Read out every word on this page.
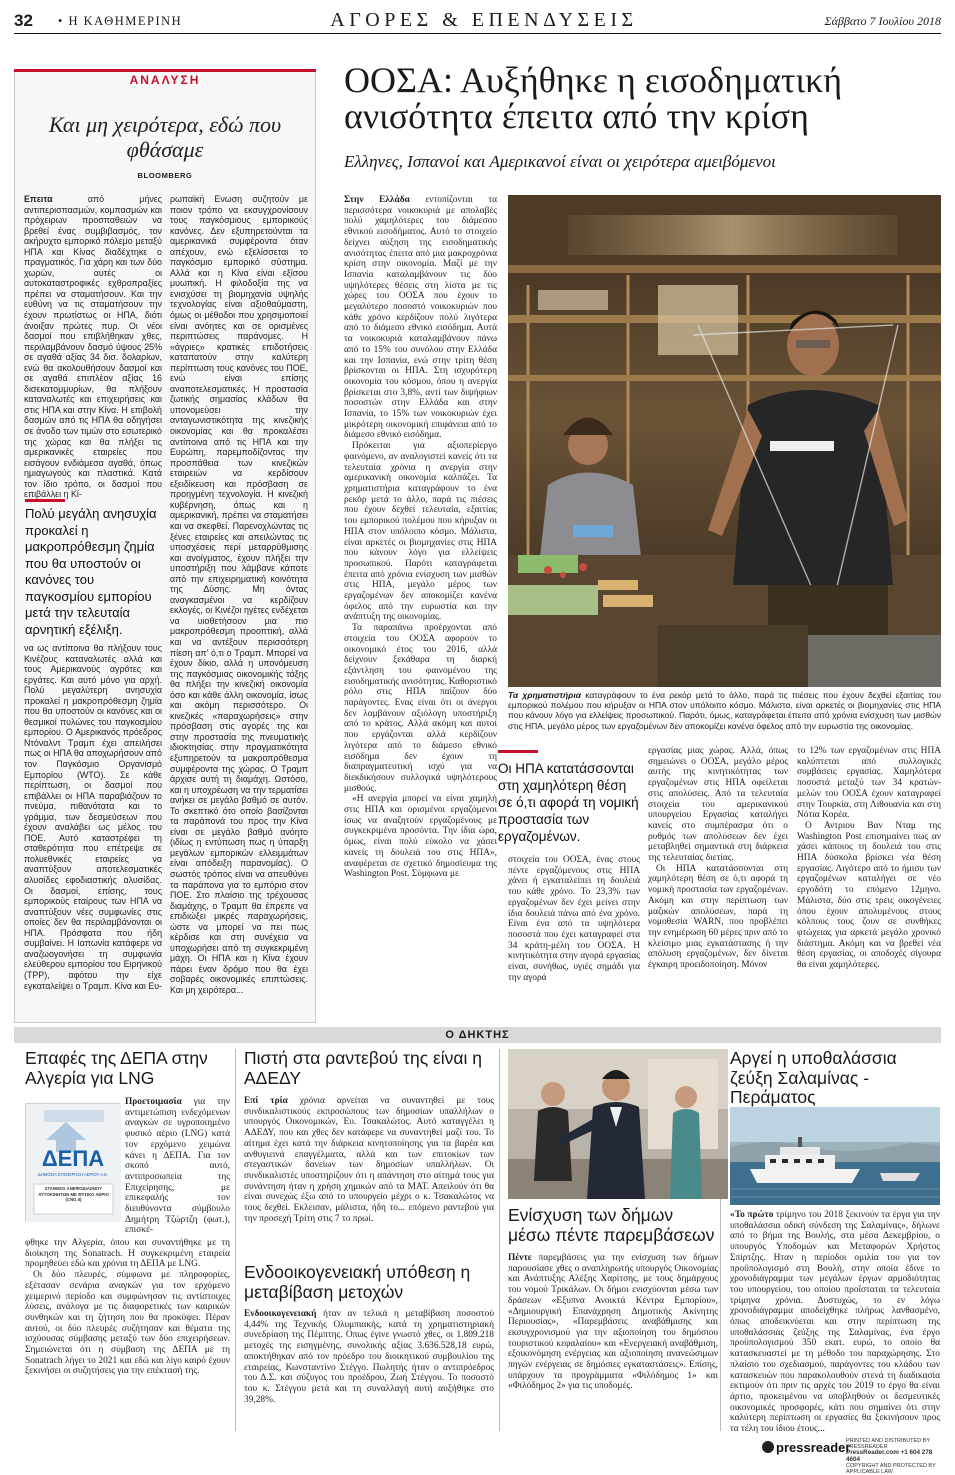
32 • Η ΚΑΘΗΜΕΡΙΝΗ	ΑΓΟΡΕΣ & ΕΠΕΝΔΥΣΕΙΣ	Σάββατο 7 Ιουλίου 2018
ΑΝΑΛΥΣΗ
Και μη χειρότερα, εδώ που φθάσαμε
BLOOMBERG

Επειτα από μήνες αντιπερισπασμών, κομπασμών και πρόχειρων προσπαθειών να βρεθεί ένας συμβιβασμός, τον ακήρυχτο εμπορικό πόλεμο μεταξύ ΗΠΑ και Κίνας διαδέχτηκε ο πραγματικός. Για χάρη και των δύο χωρών, αυτές οι αυτοκαταστροφικές εχθροπραξίες πρέπει να σταματήσουν. Και την ευθύνη να τις σταματήσουν την έχουν πρωτίστως οι ΗΠΑ, διότι άνοιξαν πρώτες πυρ. Οι νέοι δασμοί που επιβλήθηκαν χθες, περιλαμβάνουν δασμό ύψους 25% σε αγαθά αξίας 34 δισ. δολαρίων, ενώ θα ακολουθήσουν δασμοί και σε αγαθά επιπλέον αξίας 16 δισεκατομμυρίων, θα πλήξουν καταναλωτές και επιχειρήσεις και στις ΗΠΑ και στην Κίνα. Η επιβολή δασμών από τις ΗΠΑ θα οδηγήσει σε άνοδο των τιμών στο εσωτερικό της χώρας και θα πλήξει τις αμερικανικές εταιρείες που εισάγουν ενδιάμεσα αγαθά, όπως ημιαγωγούς και πλαστικά. Κατά τον ίδιο τρόπο, οι δασμοί που επιβάλλει η Κί-

Πολύ μεγάλη ανησυχία προκαλεί η μακροπρόθεσμη ζημία που θα υποστούν οι κανόνες του παγκοσμίου εμπορίου μετά την τελευταία αρνητική εξέλιξη.

να ως αντίποινα θα πλήξουν τους Κινέζους καταναλωτές αλλά και τους Αμερικανούς αγρότες και εργάτες. Και αυτό μόνο για αρχή. Πολύ μεγαλύτερη ανησυχία προκαλεί η μακροπρόθεσμη ζημία που θα υποστούν οι κανόνες και οι θεσμικοί πυλώνες του παγκοσμίου εμπορίου. Ο Αμερικανός πρόεδρος Ντόναλντ Τραμπ έχει απειλήσει πως οι ΗΠΑ θα αποχωρήσουν από τον Παγκόσμιο Οργανισμό Εμπορίου (WTO). Σε κάθε περίπτωση, οι δασμοί που επιβάλλει οι ΗΠΑ παραβιάζουν το πνεύμα, πιθανότατα και το γράμμα, των δεσμεύσεων που έχουν αναλάβει ως μέλος του ΠΟΕ. Αυτό καταστρέφει τη σταθερότητα που επέτρεψε σε πολυεθνικές εταιρείες να αναπτύξουν αποτελεσματικές αλυσίδες εφοδιαστικής αλυσίδας. Οι δασμοί, επίσης, τους εμπορικούς εταίρους των ΗΠΑ να αναπτύξουν νέες συμφωνίες στις οποίες δεν θα περιλαμβάνονται οι ΗΠΑ. Πρόσφατα που ήδη συμβαίνει. Η Ιαπωνία κατάφερε να αναζωογονήσει τη συμφωνία ελεύθερου εμπορίου του Ειρηνικού (TPP), αφότου την είχε εγκαταλείψει ο Τραμπ. Κίνα και Ευ-

ρωπαϊκή Ενωση συζητούν με ποιον τρόπο να εκσυγχρονίσουν τους παγκόσμιους εμπορικούς κανόνες. Δεν εξυπηρετούνται τα αμερικανικά συμφέροντα όταν απέχουν, ενώ εξελίσσεται το παγκόσμιο εμπορικό σύστημα. Αλλά και η Κίνα είναι εξίσου μυωπική. Η φιλοδοξία της να ενισχύσει τη βιομηχανία υψηλής τεχνολογίας είναι αξιοθαύμαστη, όμως οι μέθοδοι που χρησιμοποιεί είναι ανόητες και σε ορισμένες περιπτώσεις παράνομες. Η «άγριες» κρατικές επιδοτήσεις καταπατούν στην καλύτερη περίπτωση τους κανόνες του ΠΟΕ, ενώ είναι επίσης αναποτελεσματικές. Η προστασία ζωτικής σημασίας κλάδων θα υπονομεύσει την ανταγωνιστικότητα της κινεζικής οικονομίας και θα προκαλέσει αντίποινα από τις ΗΠΑ και την Ευρώπη, παρεμποδίζοντας την προσπάθεια των κινεζικών εταιρειών να κερδίσουν εξειδίκευση και πρόσβαση σε προηγμένη τεχνολογία. Η κινεζική κυβέρνηση, όπως και η αμερικανική, πρέπει να σταματήσει και να σκεφθεί. Παρενοχλώντας τις ξένες εταιρείες και απειλώντας τις υποσχέσεις περί μεταρρύθμισης και ανοίγματος, έχουν πλήξει την υποστήριξη που λάμβανε κάποτε από την επιχειρηματική κοινότητα της Δύσης. Μη όντας αναγκασμένοι να κερδίζουν εκλογές, οι Κινέζοι ηγέτες ενδέχεται να υιοθετήσουν μια πιο μακροπρόθεσμη προοπτική, αλλά και να αντέξουν περισσότερη πίεση απ' ό,τι ο Τραμπ. Μπορεί να έχουν δίκιο, αλλά η υπονόμευση της παγκόσμιας οικονομικής τάξης θα πλήξει την κινεζική οικονομία όσο και κάθε άλλη οικονομία, ίσως και ακόμη περισσότερο. Οι κινεζικές «παραχωρήσεις» στην πρόσβαση στις αγορές της και στην προστασία της πνευματικής ιδιοκτησίας στην πραγματικότητα εξυπηρετούν τα μακροπρόθεσμα συμφέροντα της χώρας. Ο Τραμπ άρχισε αυτή τη διαμάχη. Ωστόσο, και η υποχρέωση να την τερματίσει ανήκει σε μεγάλο βαθμό σε αυτόν. Το σκεπτικό ότο οποίο βασίζονται τα παράπονά του προς την Κίνα είναι σε μεγάλο βαθμό ανόητο (ιδίως η εντύπωση πως η ύπαρξη μεγάλων εμπορικών ελλειμμάτων είναι απόδειξη παρανομίας). Ο σωστός τρόπος είναι να απευθύνει τα παράπονα για το εμπόριο στον ΠΟΕ. Στο πλαίσιο της τρέχουσας διαμάχης, ο Τραμπ θα έπρεπε να επιδιώξει μικρές παραχωρήσεις, ώστε να μπορεί να πει πως κέρδισε και στη συνέχεια να υποχωρήσει από τη συγκεκριμένη μάχη. Οι ΗΠΑ και η Κίνα έχουν πάρει έναν δρόμο που θα έχει σοβαρές οικονομικές επιπτώσεις. Και μη χειρότερα...

ΟΟΣΑ: Αυξήθηκε η εισοδηματική ανισότητα έπειτα από την κρίση
Ελληνες, Ισπανοί και Αμερικανοί είναι οι χειρότερα αμειβόμενοι

Στην Ελλάδα εντοπίζονται τα περισσότερα νοικοκυριά με απολαβές πολύ χαμηλότερες του διάμεσου εθνικού εισοδήματος. Αυτό το στοιχείο δείχνει αύξηση της εισοδηματικής ανισότητας έπειτα από μια μακροχρόνια κρίση στην οικονομία. Μαζί με την Ισπανία καταλαμβάνουν τις δύο υψηλότερες θέσεις στη λίστα με τις χώρες του ΟΟΣΑ που έχουν το μεγαλύτερο ποσοστό νοικοκυριών που κάθε χρόνο κερδίζουν πολύ λιγότερα από το διάμεσο εθνικό εισόδημα. Αυτά τα νοικοκυριά καταλαμβάνουν πάνω από το 15% του συνόλου στην Ελλάδα και την Ισπανία, ενώ στην τρίτη θέση βρίσκονται οι ΗΠΑ. Στη ισχυρότερη οικονομία του κόσμου, όπου η ανεργία βρίσκεται στο 3,8%, αντί των διψήφιων ποσοστών στην Ελλάδα και στην Ισπανία, το 15% των νοικοκυριών έχει μικρότερη οικονομική επιφάνεια από το διάμεσο εθνικό εισόδημα.

Πρόκειται για αξιοπερίεργο φαινόμενο, αν αναλογιστεί κανείς ότι τα τελευταία χρόνια η ανεργία στην αμερικανική οικονομία καλπάζει. Τα χρηματιστήρια καταγράφουν το ένα ρεκόρ μετά το άλλο, παρά τις πιέσεις που έχουν δεχθεί τελευταία, εξαιτίας του εμπορικού πολέμου που κήρυξαν οι ΗΠΑ στον υπόλοιπο κόσμο. Μάλιστα, είναι αρκετές οι βιομηχανίες στις ΗΠΑ που κάνουν λόγο για ελλείψεις προσωπικού. Παρότι καταγράφεται έπειτα από χρόνια ενίσχυση των μισθών στις ΗΠΑ, μεγάλο μέρος των εργαζομένων δεν αποκομίζει κανένα όφελος από την ευρωστία και την ανάπτυξη της οικονομίας.

Τα παραπάνω προέρχονται από στοιχεία του ΟΟΣΑ αφορούν το οικονομικό έτος του 2016, αλλά δείχνουν ξεκάθαρα τη διαρκή εξάντληση του φαινομένου της εισοδηματικής ανισότητας. Καθοριστικό ρόλο στις ΗΠΑ παίζουν δύο παράγοντες. Ενας είναι ότι οι άνεργοι δεν λαμβάνουν αξιόλογη υποστήριξη από το κράτος. Αλλά ακόμη και αυτοί που εργάζονται αλλά κερδίζουν λιγότερα από το διάμεσο εθνικό εισόδημα δεν έχουν τη διαπραγματευτική ισχύ για να διεκδικήσουν συλλογικά υψηλότερους μισθούς.

«Η ανεργία μπορεί να είναι χαμηλή στις ΗΠΑ και ορισμένοι εργαζόμενοι ίσως να αναζητούν εργαζομένους με συγκεκριμένα προσόντα. Την ίδια ώρα, όμως, είναι πολύ εύκολο να χάσει κανείς τη δουλειά του στις ΗΠΑ», αναφέρεται σε σχετικό δημοσίευμα της Washington Post. Σύμφωνα με

Τα χρηματιστήρια καταγράφουν το ένα ρεκόρ μετά το άλλο, παρά τις πιέσεις που έχουν δεχθεί εξαιτίας του εμπορικού πολέμου που κήρυξαν οι ΗΠΑ στον υπόλοιπο κόσμο. Μάλιστα, είναι αρκετές οι βιομηχανίες στις ΗΠΑ που κάνουν λόγο για ελλείψεις προσωπικού. Παρότι, όμως, καταγράφεται έπειτα από χρόνια ενίσχυση των μισθών στις ΗΠΑ, μεγάλο μέρος των εργαζομένων δεν αποκομίζει κανένα όφελος από την ευρωστία της οικονομίας.
Οι ΗΠΑ κατατάσσονται στη χαμηλότερη θέση σε ό,τι αφορά τη νομική προστασία των εργαζομένων.

στοιχεία του ΟΟΣΑ, ένας στους πέντε εργαζόμενους στις ΗΠΑ χάνει ή εγκαταλείπει τη δουλειά του κάθε χρόνο. Το 23,3% των εργαζομένων δεν έχει μείνει στην ίδια δουλειά πάνω από ένα χρόνο. Είναι ένα από τα υψηλότερα ποσοστά που έχει καταγραφεί στα 34 κράτη-μέλη του ΟΟΣΑ. Η κινητικότητα στην αγορά εργασίας είναι, συνήθως, υγιές σημάδι για την αγορά

εργασίας μιας χώρας. Αλλά, όπως σημειώνει ο ΟΟΣΑ, μεγάλο μέρος αυτής της κινητικότητας των εργαζομένων στις ΗΠΑ οφείλεται στις απολύσεις. Από τα τελευταία στοιχεία του αμερικανικού υπουργείου Εργασίας καταλήγει κανείς στο συμπέρασμα ότι ο ρυθμός των απολύσεων δεν έχει μεταβληθεί σημαντικά στη διάρκεια της τελευταίας διετίας.

Οι ΗΠΑ κατατάσσονται στη χαμηλότερη θέση σε ό,τι αφορά τη νομική προστασία των εργαζομένων. Ακόμη και στην περίπτωση των μαζικών απολύσεων, παρά τη νομοθεσία WARN, που προβλέπει την ενημέρωση 60 μέρες πριν από το κλείσιμο μιας εγκατάστασης ή την απόλυση εργαζομένων, δεν δίνεται έγκαιρη προειδοποίηση. Μόνον

το 12% των εργαζομένων στις ΗΠΑ καλύπτεται από συλλογικές συμβάσεις εργασίας. Χαμηλότερα ποσοστά μεταξύ των 34 κρατών-μελών του ΟΟΣΑ έχουν καταγραφεί στην Τουρκία, στη Λιθουανία και στη Νότια Κορέα.

Ο Αντριου Βαν Νταμ της Washington Post επισημαίνει πως αν χάσει κάποιος τη δουλειά του στις ΗΠΑ δύσκολα βρίσκει νέα θέση εργασίας. Λιγότερο από το ήμισυ των εργαζομένων καταλήγει σε νέο εργοδότη το επόμενο 12μηνο. Μάλιστα, δύο στις τρεις οικογένειες όπου έχουν απολυμένους στους κόλπους τους ζουν σε συνθήκες φτώχειας για αρκετά μεγάλο χρονικό διάστημα. Ακόμη και να βρεθεί νέα θέση εργασίας, οι αποδοχές σίγουρα θα είναι χαμηλότερες.

Ο ΔΗΚΤΗΣ
Επαφές της ΔΕΠΑ στην Αλγερία για LNG
ΔΕΠΑ
ΔΗΜΟΣΙΑ ΕΠΙΧΕΙΡΗΣΗ ΑΕΡΙΟΥ Α.Ε.
ΣΤΑΘΜΟΣ ΑΝΕΦΟΔΙΑΣΜΟΥ ΑΥΤΟΚΙΝΗΤΩΝ ΜΕ ΦΥΣΙΚΟ ΑΕΡΙΟ (CNG II)

Προετοιμασία για την αντιμετώπιση ενδεχόμενων αναγκών σε υγροποιημένο φυσικό αέριο (LNG) κατά τον ερχόμενο χειμώνα κάνει η ΔΕΠΑ. Για τον σκοπό αυτό, αντιπροσωπεία της Επιχείρησης, με επικεφαλής τον διευθύνοντα σύμβουλο Δημήτρη Τζώρτζη (φωτ.), επισκέ-

φθηκε την Αλγερία, όπου και συναντήθηκε με τη διοίκηση της Sonatrach. Η συγκεκριμένη εταιρεία προμηθεύει εδώ και χρόνια τη ΔΕΠΑ με LNG.

Οι δύο πλευρές, σύμφωνα με πληροφορίες, εξέτασαν σενάρια αναγκών για τον ερχόμενο χειμερινό περίοδο και συμφώνησαν τις αντίστοιχες λύσεις, ανάλογα με τις διαφορετικές των καιρικών συνθηκών και τη ζήτηση που θα προκύψει. Πέραν αυτού, οι δύο πλευρές συζήτησαν και θέματα της ισχύουσας σύμβασης μεταξύ των δύο επιχειρήσεων. Σημειώνεται ότι η σύμβαση της ΔΕΠΑ με τη Sonatrach λήγει το 2021 και εδώ και λίγο καιρό έχουν ξεκινήσει οι συζητήσεις για την επέκτασή της.

Πιστή στα ραντεβού της είναι η ΑΔΕΔΥ

Επί τρία χρόνια αρνείται να συναντηθεί με τους συνδικαλιστικούς εκπροσώπους των δημοσίων υπαλλήλων ο υπουργός Οικονομικών, Ευ. Τσακαλώτος. Αυτό καταγγέλει η ΑΔΕΔΥ, που και χθες δεν κατάφερε να συναντηθεί μαζί του. Το αίτημα έχει κατά την διάρκεια κινητοποίησης για τα βαρέα και ανθυγιεινά επαγγέλματα, αλλά και των επιτοκίων των στεγαστικών δανείων των δημοσίων υπαλλήλων. Οι συνδικαλιστές υποστηρίζουν ότι η απάντηση στο αίτημά τους για συνάντηση ήταν η χρήση χημικών από τα ΜΑΤ. Απειλούν ότι θα είναι συνεχώς έξω από το υπουργείο μέχρι ο κ. Τσακαλώτος να τους δεχθεί. Εκλεισαν, μάλιστα, ήδη το... επόμενο ραντεβού για την προσεχή Τρίτη στις 7 το πρωί.

Ενδοοικογενειακή υπόθεση η μεταβίβαση μετοχών

Ενδοοικογενειακή ήταν αν τελικά η μεταβίβαση ποσοστού 4,44% της Τεχνικής Ολυμπιακής, κατά τη χρηματιστηριακή συνεδρίαση της Πέμπτης. Οπως έγινε γνωστό χθες, οι 1.809.218 μετοχές της εισηγμένης, συνολικής αξίας 3.636.528,18 ευρώ, αποκτήθηκαν από τον πρόεδρο του διοικητικού συμβουλίου της εταιρείας, Κωνσταντίνο Στέγγο. Πωλητής ήταν ο αντιπρόεδρος του Δ.Σ. και σύζυγος του προέδρου, Ζωή Στέγγου. Το ποσοστό του κ. Στέγγου μετά και τη συναλλαγή αυτή αυξήθηκε στο 39,28%.

Ενίσχυση των δήμων μέσω πέντε παρεμβάσεων

Πέντε παρεμβάσεις για την ενίσχυση των δήμων παρουσίασε χθες ο αναπληρωτής υπουργός Οικονομίας και Ανάπτυξης Αλέξης Χαρίτσης, με τους δημάρχους του νομού Τρικάλων. Οι δήμοι ενισχύονται μέσω των δράσεων «Εξυπνα Ανοικτά Κέντρα Εμπορίου», «Δημιουργική Επανάχρηση Δημοτικής Ακίνητης Περιουσίας», «Παρεμβάσεις αναβάθμισης και εκσυγχρονισμού για την αξιοποίηση του δημόσιου τουριστικού κεφαλαίου» και «Ενεργειακή αναβάθμιση, εξοικονόμηση ενέργειας και αξιοποίηση ανανεώσιμων πηγών ενέργειας σε δημόσιες εγκαταστάσεις». Επίσης, υπάρχουν τα προγράμματα «Φιλόδημος 1» και «Φιλόδημος 2» για τις υποδομές.

Αργεί η υποθαλάσσια ζεύξη Σαλαμίνας - Περάματος

«Το πρώτο τρίμηνο του 2018 ξεκινούν τα έργα για την υποθαλάσσια οδική σύνδεση της Σαλαμίνας», δήλωνε από το βήμα της Βουλής, στα μέσα Δεκεμβρίου, ο υπουργός Υποδομών και Μεταφορών Χρήστος Σπίρτζης. Ηταν η περίοδοι ομιλία του για τον προϋπολογισμό στη Βουλή, στην οποία έδινε το χρονοδιάγραμμα των μεγάλων έργων αρμοδιότητας του υπουργείου, του οποίου προΐσταται τα τελευταία τρίμηνα χρόνια. Δυστυχώς, το εν λόγω χρονοδιάγραμμα αποδείχθηκε πλήρως λανθασμένο, όπως αποδεικνύεται και στην περίπτωση της υποθαλάσσιας ζεύξης της Σαλαμίνας, ένα έργο προϋπολογισμού 350 εκατ. ευρώ, το οποίο θα κατασκευαστεί με τη μέθοδο του παραχώρησης. Στο πλαίσιο του σχεδιασμού, παράγοντες του κλάδου των κατασκευών που παρακολουθούν στενά τη διαδικασία εκτιμούν ότι πριν τις αρχές του 2019 το έργο θα είναι άρτιο, προκειμένου να υποβληθούν οι δεσμευτικές οικονομικές προσφορές, κάτι που σημαίνει ότι στην καλύτερη περίπτωση οι εργασίες θα ξεκινήσουν προς τα τέλη του ίδιου έτους...

pressreader
PRINTED AND DISTRIBUTED BY PRESSREADER
PressReader.com +1 604 278 4604
COPYRIGHT AND PROTECTED BY APPLICABLE LAW
